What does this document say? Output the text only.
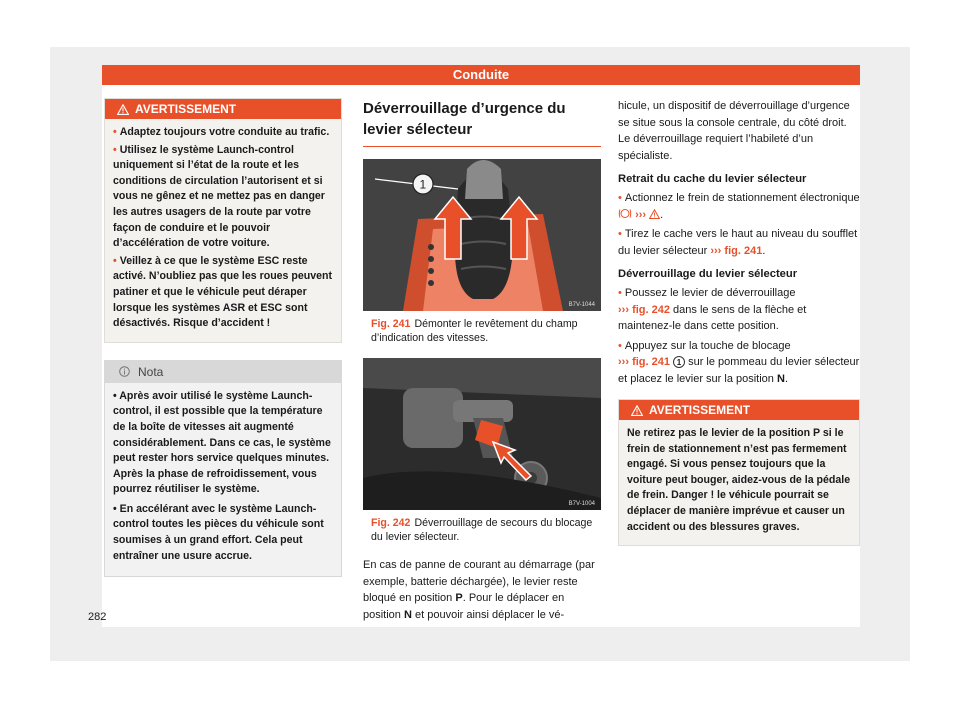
Conduite
AVERTISSEMENT

• Adaptez toujours votre conduite au trafic.

• Utilisez le système Launch-control uniquement si l’état de la route et les conditions de circulation l’autorisent et si vous ne gênez et ne mettez pas en danger les autres usagers de la route par votre façon de conduire et le pouvoir d’accélération de votre voiture.

• Veillez à ce que le système ESC reste activé. N’oubliez pas que les roues peuvent patiner et que le véhicule peut déraper lorsque les systèmes ASR et ESC sont désactivés. Risque d’accident !

Nota

• Après avoir utilisé le système Launch-control, il est possible que la température de la boîte de vitesses ait augmenté considérablement. Dans ce cas, le système peut rester hors service quelques minutes. Après la phase de refroidissement, vous pourrez réutiliser le système.

• En accélérant avec le système Launch-control toutes les pièces du véhicule sont soumises à un grand effort. Cela peut entraîner une usure accrue.

Déverrouillage d’urgence du levier sélecteur
1
B7V-1044
Fig. 241 Démonter le revêtement du champ d’indication des vitesses.
B7V-1004
Fig. 242 Déverrouillage de secours du blocage du levier sélecteur.

En cas de panne de courant au démarrage (par exemple, batterie déchargée), le levier reste bloqué en position P. Pour le déplacer en position N et pouvoir ainsi déplacer le vé-

hicule, un dispositif de déverrouillage d’urgence se situe sous la console centrale, du côté droit. Le déverrouillage requiert l’habileté d’un spécialiste.

Retrait du cache du levier sélecteur

• Actionnez le frein de stationnement électronique  ››› .

• Tirez le cache vers le haut au niveau du soufflet du levier sélecteur ››› fig. 241.

Déverrouillage du levier sélecteur

• Poussez le levier de déverrouillage
››› fig. 242 dans le sens de la flèche et maintenez-le dans cette position.

• Appuyez sur la touche de blocage
››› fig. 241 1 sur le pommeau du levier sélecteur et placez le levier sur la position N.

AVERTISSEMENT

Ne retirez pas le levier de la position P si le frein de stationnement n’est pas fermement engagé. Si vous pensez toujours que la voiture peut bouger, aidez-vous de la pédale de frein. Danger ! le véhicule pourrait se déplacer de manière imprévue et causer un accident ou des blessures graves.

282
